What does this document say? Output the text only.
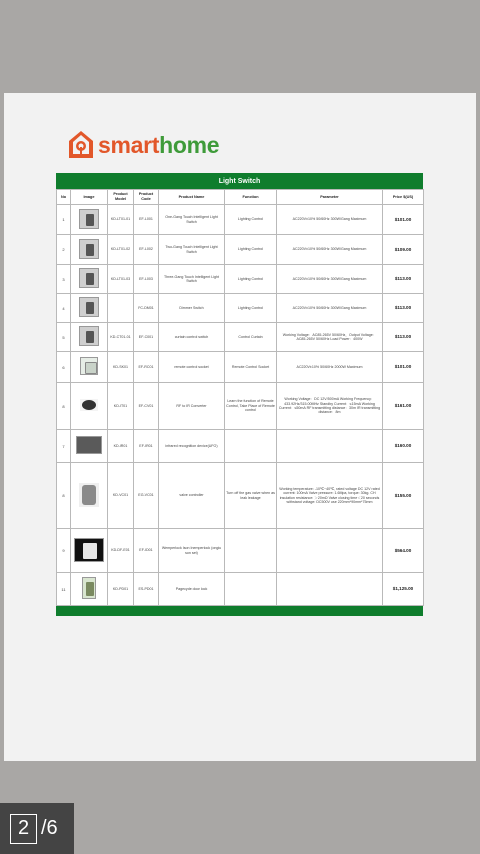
smarthome
Light Switch
No	Image	Product Model	Product Code	Product Name	Function	Parameter	Price $(US)
1		KD-LT01-01	EF-L001	One-Gang Touch Intelligent Light Switch	Lighting Control	AC220V±10% 50/60Hz 300W/Gang Maximum	$101.00
2		KD-LT01-02	EF-L002	Two-Gang Touch Intelligent Light Switch	Lighting Control	AC220V±10% 50/60Hz 300W/Gang Maximum	$109.00
3		KD-LT01-03	EF-L003	Three-Gang Touch Intelligent Light Switch	Lighting Control	AC220V±10% 50/60Hz 300W/Gang Maximum	$113.00
4			FC-DM01	Dimmer Switch	Lighting Control	AC220V±10% 50/60Hz 300W/Gang Maximum	$113.00
5		KD-CT01-01	EF-C001	curtain control switch	Control Curtain	Working Voltage：AC85-265V 50/60Hz，Output Voltage：AC85-265V 50/60Hz Load Power：400W	$113.00
6		KD-SK01	EF-RC01	remote control socket	Remote Control Socket	AC220V±10% 50/60Hz 2000W Maximum	$101.00
8		KD-IT01	EF-CV01	RF to IR Converter	Learn the function of Remote Control, Take Place of Remote control	Working Voltage：DC 12V/500mA Working Frequency：433.92Hz/315.00MHz Standby Current：≤15mA Working Current：≤50mA RF transmitting distance：30m IR transmitting distance：8m	$161.00
7		KD-IR01	EF-IR01	infrared recognition device(UFO)			$160.00
8		KD-VC01	EG-VC01	valve controller	Turn off the gas valve when as leak leakage	Working temperature: -10℃~40℃, rated voltage DC 12V rated current: 100mA Valve pressure: 1.6Mpa, torque: 30kg. CH insulation resistance: ＞20mΩ Valve closing time＜20 seconds withstand voltage: DC500V use 220mm*90mm*75mm	$155.00
9		KD-DF-E01	EF-ID01	Wemperlock Ison Inemperlock (ongiu son set)			$564.00
11		KD-PD01	ES-PD01	Pagecyde door lock			$1,125.00
2 /6
